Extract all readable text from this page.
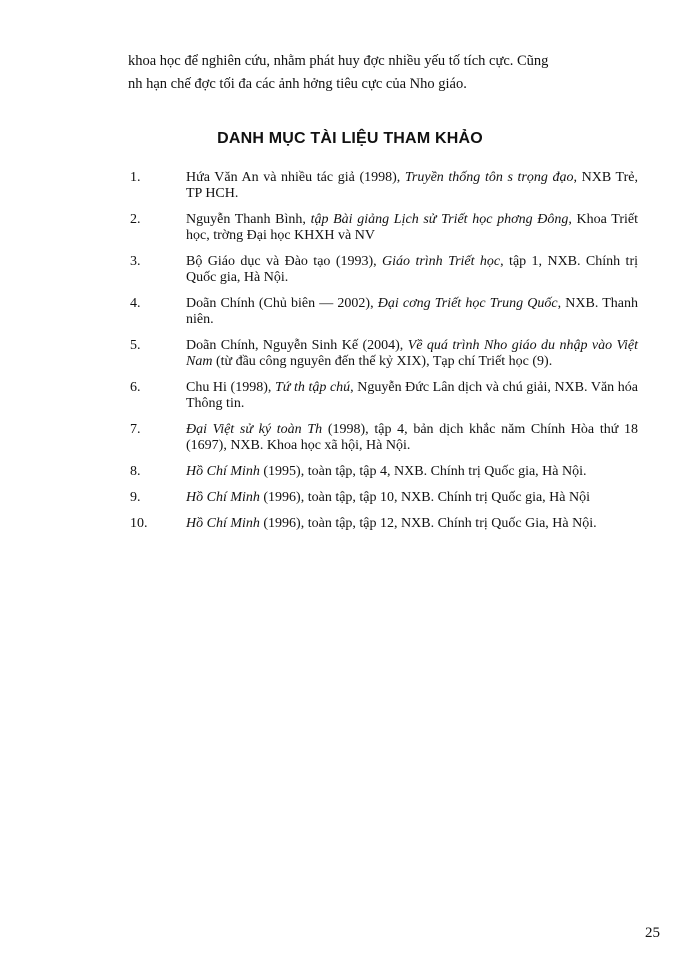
khoa học để nghiên cứu, nhằm phát huy đợc nhiều yếu tố tích cực. Cũng

nh hạn chế đợc tối đa các ảnh hởng tiêu cực của Nho giáo.

DANH MỤC TÀI LIỆU THAM KHẢO
1.	Hứa Văn An và nhiều tác giả (1998), Truyền thống tôn s trọng đạo, NXB Trẻ, TP HCH.
2.	Nguyễn Thanh Bình, tập Bài giảng Lịch sử Triết học phơng Đông, Khoa Triết học, trờng Đại học KHXH và NV
3.	Bộ Giáo dục và Đào tạo (1993), Giáo trình Triết học, tập 1, NXB. Chính trị Quốc gia, Hà Nội.
4.	Doãn Chính (Chủ biên — 2002), Đại cơng Triết học Trung Quốc, NXB. Thanh niên.
5.	Doãn Chính, Nguyễn Sinh Kế (2004), Về quá trình Nho giáo du nhập vào Việt Nam (từ đầu công nguyên đến thế kỷ XIX), Tạp chí Triết học (9).
6.	Chu Hi (1998), Tứ th tập chú, Nguyễn Đức Lân dịch và chú giải, NXB. Văn hóa Thông tin.
7.	Đại Việt sử ký toàn Th (1998), tập 4, bản dịch khắc năm Chính Hòa thứ 18 (1697), NXB. Khoa học xã hội, Hà Nội.
8.	Hồ Chí Minh (1995), toàn tập, tập 4, NXB. Chính trị Quốc gia, Hà Nội.
9.	Hồ Chí Minh (1996), toàn tập, tập 10, NXB. Chính trị Quốc gia, Hà Nội
10.	Hồ Chí Minh (1996), toàn tập, tập 12, NXB. Chính trị Quốc Gia, Hà Nội.
25
